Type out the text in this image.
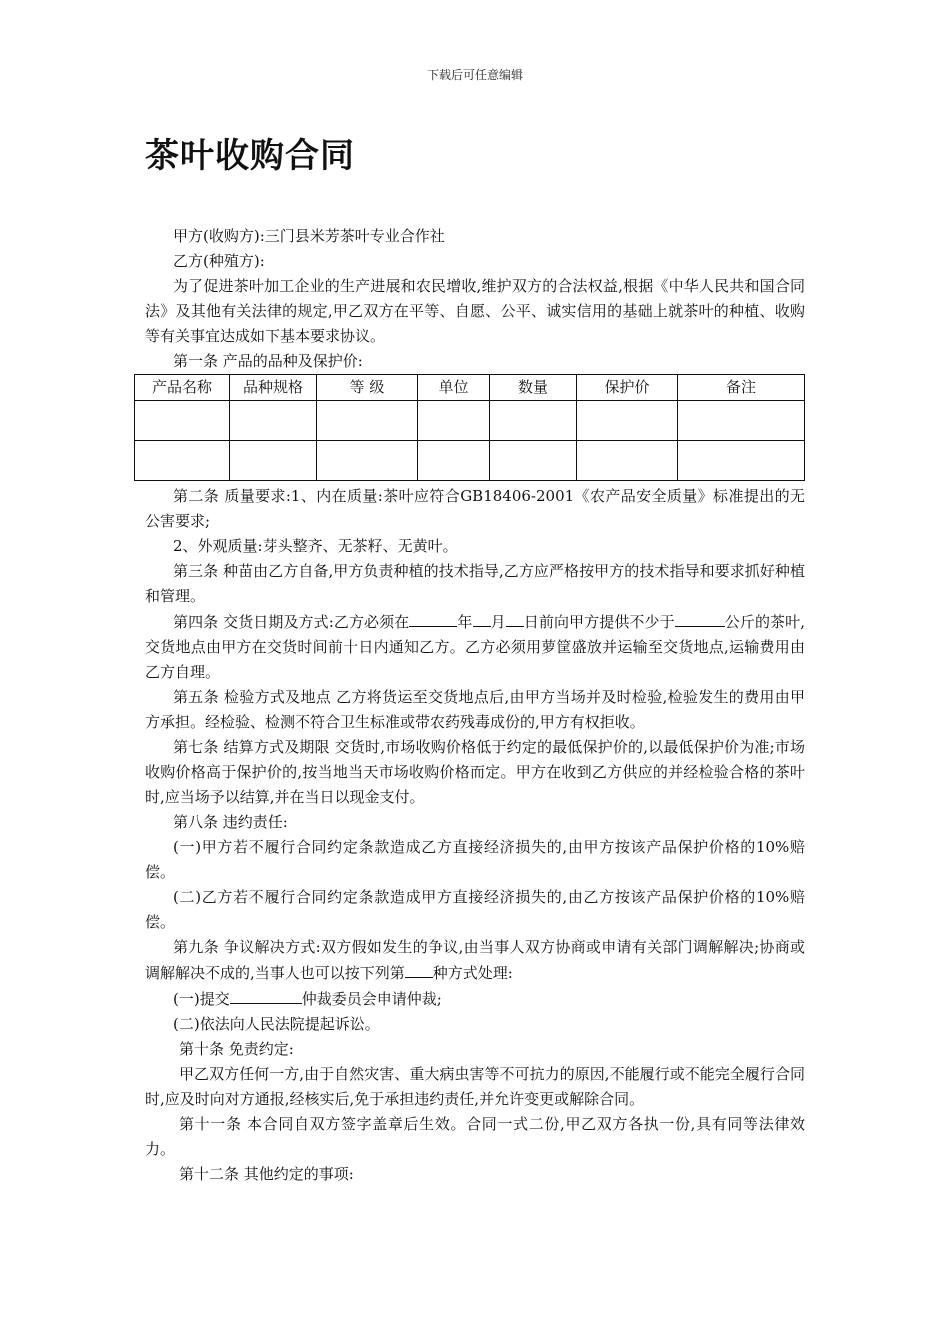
下载后可任意编辑
茶叶收购合同

甲方(收购方):三门县米芳茶叶专业合作社

乙方(种殖方):

为了促进茶叶加工企业的生产进展和农民增收,维护双方的合法权益,根据《中华人民共和国合同法》及其他有关法律的规定,甲乙双方在平等、自愿、公平、诚实信用的基础上就茶叶的种植、收购等有关事宜达成如下基本要求协议。

第一条 产品的品种及保护价:

产品名称	品种规格	等 级	单位	数量	保护价	备注

第二条 质量要求:1、内在质量:茶叶应符合GB18406-2001《农产品安全质量》标准提出的无公害要求;

2、外观质量:芽头整齐、无茶籽、无黄叶。

第三条 种苗由乙方自备,甲方负责种植的技术指导,乙方应严格按甲方的技术指导和要求抓好种植和管理。

第四条 交货日期及方式:乙方必须在	年 月 日前向甲方提供不少于	公斤的茶叶,交货地点由甲方在交货时间前十日内通知乙方。乙方必须用萝筐盛放并运输至交货地点,运输费用由乙方自理。

第五条 检验方式及地点 乙方将货运至交货地点后,由甲方当场并及时检验,检验发生的费用由甲方承担。经检验、检测不符合卫生标准或带农药残毒成份的,甲方有权拒收。

第七条 结算方式及期限 交货时,市场收购价格低于约定的最低保护价的,以最低保护价为准;市场收购价格高于保护价的,按当地当天市场收购价格而定。甲方在收到乙方供应的并经检验合格的茶叶时,应当场予以结算,并在当日以现金支付。

第八条 违约责任:

(一)甲方若不履行合同约定条款造成乙方直接经济损失的,由甲方按该产品保护价格的10%赔偿。

(二)乙方若不履行合同约定条款造成甲方直接经济损失的,由乙方按该产品保护价格的10%赔偿。

第九条 争议解决方式:双方假如发生的争议,由当事人双方协商或申请有关部门调解解决;协商或调解解决不成的,当事人也可以按下列第 种方式处理:

(一)提交	仲裁委员会申请仲裁;

(二)依法向人民法院提起诉讼。

第十条 免责约定:

甲乙双方任何一方,由于自然灾害、重大病虫害等不可抗力的原因,不能履行或不能完全履行合同时,应及时向对方通报,经核实后,免于承担违约责任,并允许变更或解除合同。

第十一条 本合同自双方签字盖章后生效。合同一式二份,甲乙双方各执一份,具有同等法律效力。

第十二条 其他约定的事项:
